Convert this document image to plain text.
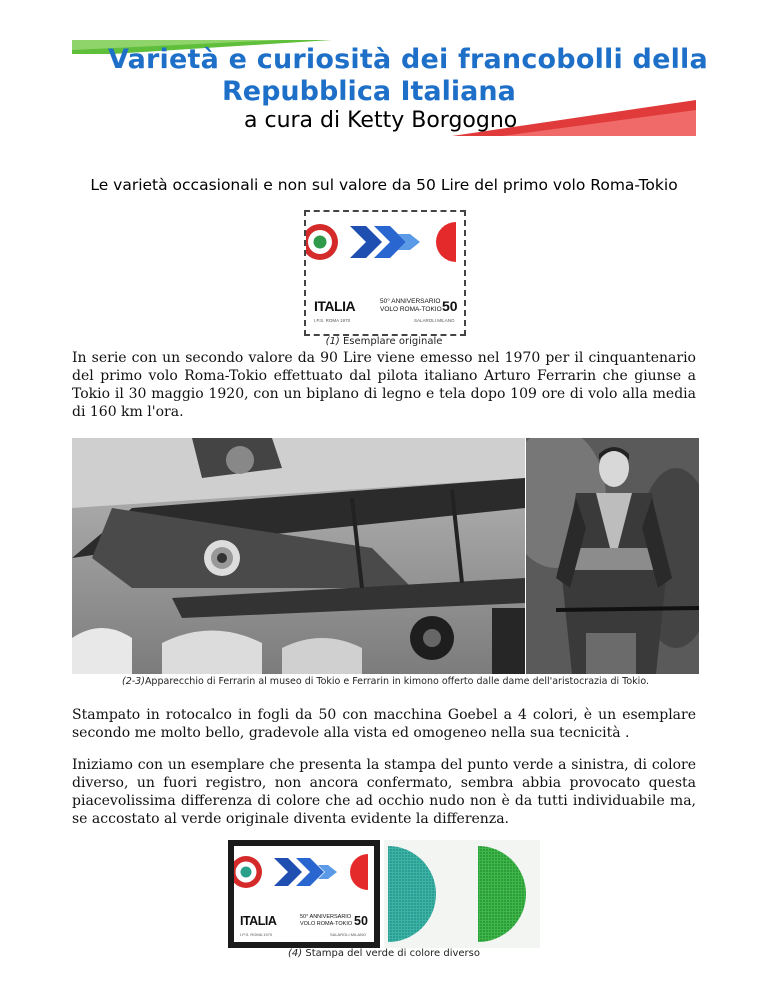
Varietà e curiosità dei francobolli della
Repubblica Italiana
a cura di Ketty Borgogno
Le varietà occasionali e non sul valore da 50 Lire del primo volo Roma-Tokio
ITALIA	50° ANNIVERSARIO
VOLO ROMA-TOKIO 50
I.P.S. ROMA 1970	SALAROLI MILANO
(1) Esemplare originale

In serie con un secondo valore da 90 Lire viene emesso nel 1970 per il cinquantenario del primo volo Roma-Tokio effettuato dal pilota italiano Arturo Ferrarin che giunse a Tokio il 30 maggio 1920, con un biplano di legno e tela dopo 109 ore di volo alla media di 160 km l'ora.

(2-3)Apparecchio di Ferrarin al museo di Tokio e Ferrarin in kimono offerto dalle dame dell'aristocrazia di Tokio.

Stampato in rotocalco in fogli da 50 con macchina Goebel a 4 colori, è un esemplare secondo me molto bello, gradevole alla vista ed omogeneo nella sua tecnicità .

Iniziamo con un esemplare che presenta la stampa del punto verde a sinistra, di colore diverso, un fuori registro, non ancora confermato, sembra abbia provocato questa piacevolissima differenza di colore che ad occhio nudo non è da tutti individuabile ma, se accostato al verde originale diventa evidente la differenza.

ITALIA	50° ANNIVERSARIO
VOLO ROMA-TOKIO 50
I.P.S. ROMA 1970	SALAROLI MILANO
(4) Stampa del verde di colore diverso
